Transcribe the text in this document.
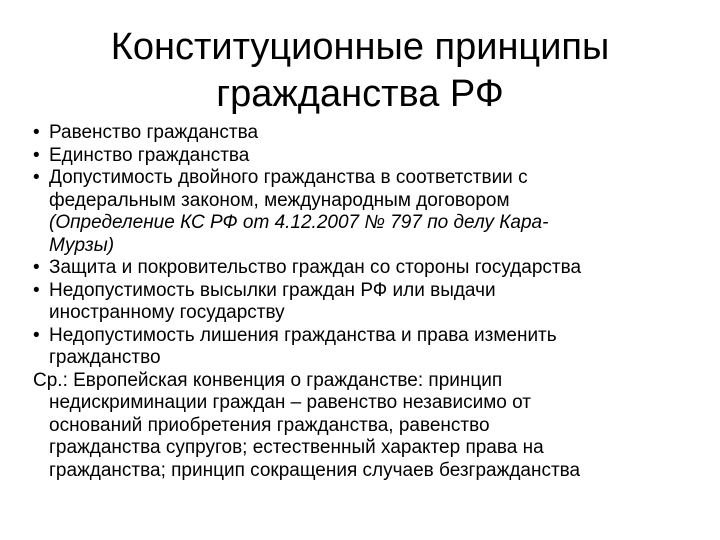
Конституционные принципы
гражданства РФ
• Равенство гражданства
• Единство гражданства
• Допустимость двойного гражданства в соответствии с
федеральным законом, международным договором
(Определение КС РФ от 4.12.2007 № 797 по делу Кара-
Мурзы)
• Защита и покровительство граждан со стороны государства
• Недопустимость высылки граждан РФ или выдачи
иностранному государству
• Недопустимость лишения гражданства и права изменить
гражданство
Ср.: Европейская конвенция о гражданстве: принцип
недискриминации граждан – равенство независимо от
оснований приобретения гражданства, равенство
гражданства супругов; естественный характер права на
гражданства; принцип сокращения случаев безгражданства
